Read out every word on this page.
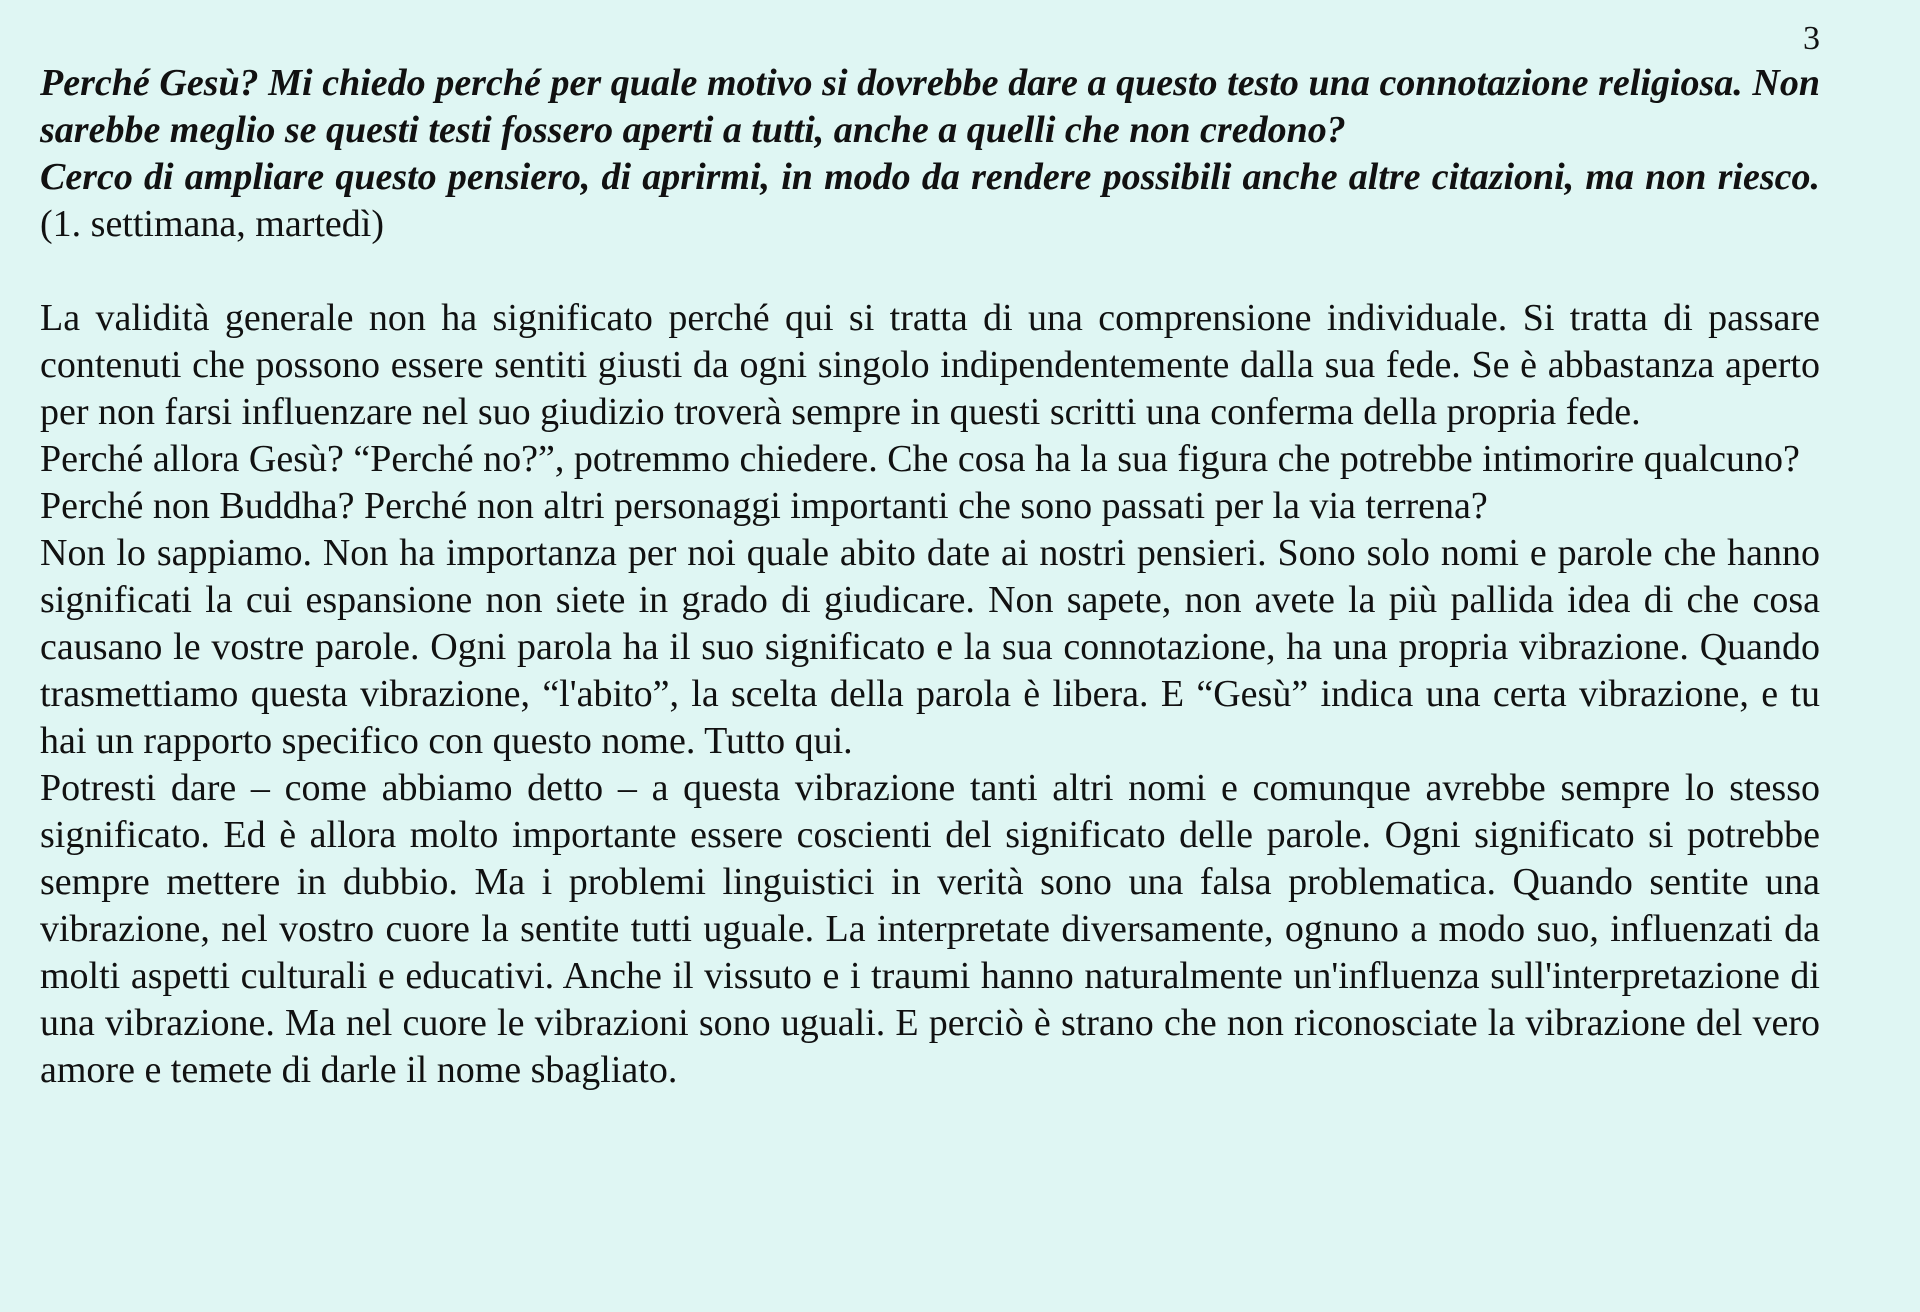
3

Perché Gesù? Mi chiedo perché per quale motivo si dovrebbe dare a questo testo una connotazione religiosa. Non sarebbe meglio se questi testi fossero aperti a tutti, anche a quelli che non credono?

Cerco di ampliare questo pensiero, di aprirmi, in modo da rendere possibili anche altre citazioni, ma non riesco. (1. settimana, martedì)

La validità generale non ha significato perché qui si tratta di una comprensione individuale. Si tratta di passare contenuti che possono essere sentiti giusti da ogni singolo indipendentemente dalla sua fede. Se è abbastanza aperto per non farsi influenzare nel suo giudizio troverà sempre in questi scritti una conferma della propria fede.

Perché allora Gesù? “Perché no?”, potremmo chiedere. Che cosa ha la sua figura che potrebbe intimorire qualcuno?

Perché non Buddha? Perché non altri personaggi importanti che sono passati per la via terrena?

Non lo sappiamo. Non ha importanza per noi quale abito date ai nostri pensieri. Sono solo nomi e parole che hanno significati la cui espansione non siete in grado di giudicare. Non sapete, non avete la più pallida idea di che cosa causano le vostre parole. Ogni parola ha il suo significato e la sua connotazione, ha una propria vibrazione. Quando trasmettiamo questa vibrazione, “l'abito”, la scelta della parola è libera. E “Gesù” indica una certa vibrazione, e tu hai un rapporto specifico con questo nome. Tutto qui.

Potresti dare – come abbiamo detto – a questa vibrazione tanti altri nomi e comunque avrebbe sempre lo stesso significato. Ed è allora molto importante essere coscienti del significato delle parole. Ogni significato si potrebbe sempre mettere in dubbio. Ma i problemi linguistici in verità sono una falsa problematica. Quando sentite una vibrazione, nel vostro cuore la sentite tutti uguale. La interpretate diversamente, ognuno a modo suo, influenzati da molti aspetti culturali e educativi. Anche il vissuto e i traumi hanno naturalmente un'influenza sull'interpretazione di una vibrazione. Ma nel cuore le vibrazioni sono uguali. E perciò è strano che non riconosciate la vibrazione del vero amore e temete di darle il nome sbagliato.
